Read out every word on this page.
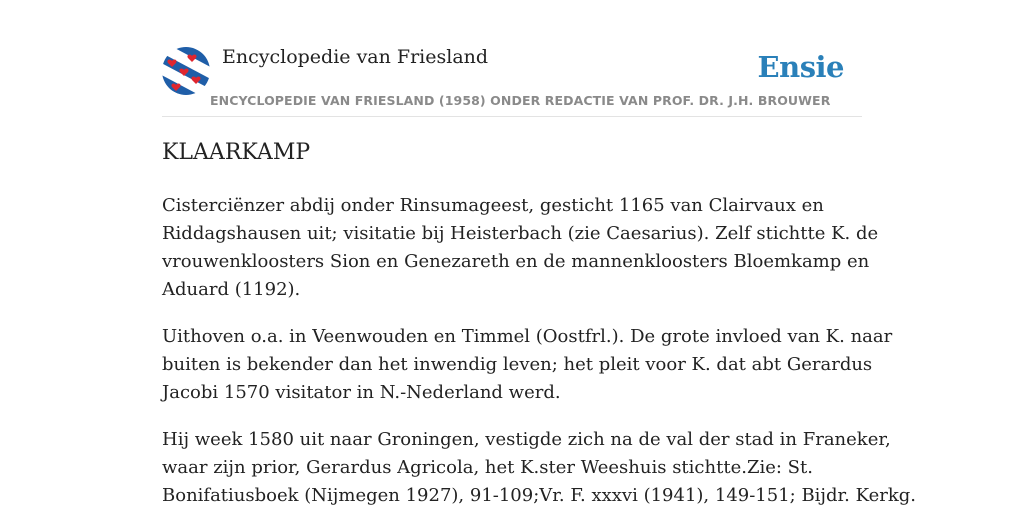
Encyclopedie van Friesland
ENCYCLOPEDIE VAN FRIESLAND (1958) ONDER REDACTIE VAN PROF. DR. J.H. BROUWER
Ensie
KLAARKAMP

Cisterciënzer abdij onder Rinsumageest, gesticht 1165 van Clairvaux en
Riddagshausen uit; visitatie bij Heisterbach (zie Caesarius). Zelf stichtte K. de
vrouwenkloosters Sion en Genezareth en de mannenkloosters Bloemkamp en
Aduard (1192).

Uithoven o.a. in Veenwouden en Timmel (Oostfrl.). De grote invloed van K. naar
buiten is bekender dan het inwendig leven; het pleit voor K. dat abt Gerardus
Jacobi 1570 visitator in N.-Nederland werd.

Hij week 1580 uit naar Groningen, vestigde zich na de val der stad in Franeker,
waar zijn prior, Gerardus Agricola, het K.ster Weeshuis stichtte.Zie: St.
Bonifatiusboek (Nijmegen 1927), 91-109;Vr. F. xxxvi (1941), 149-151; Bijdr. Kerkg.
